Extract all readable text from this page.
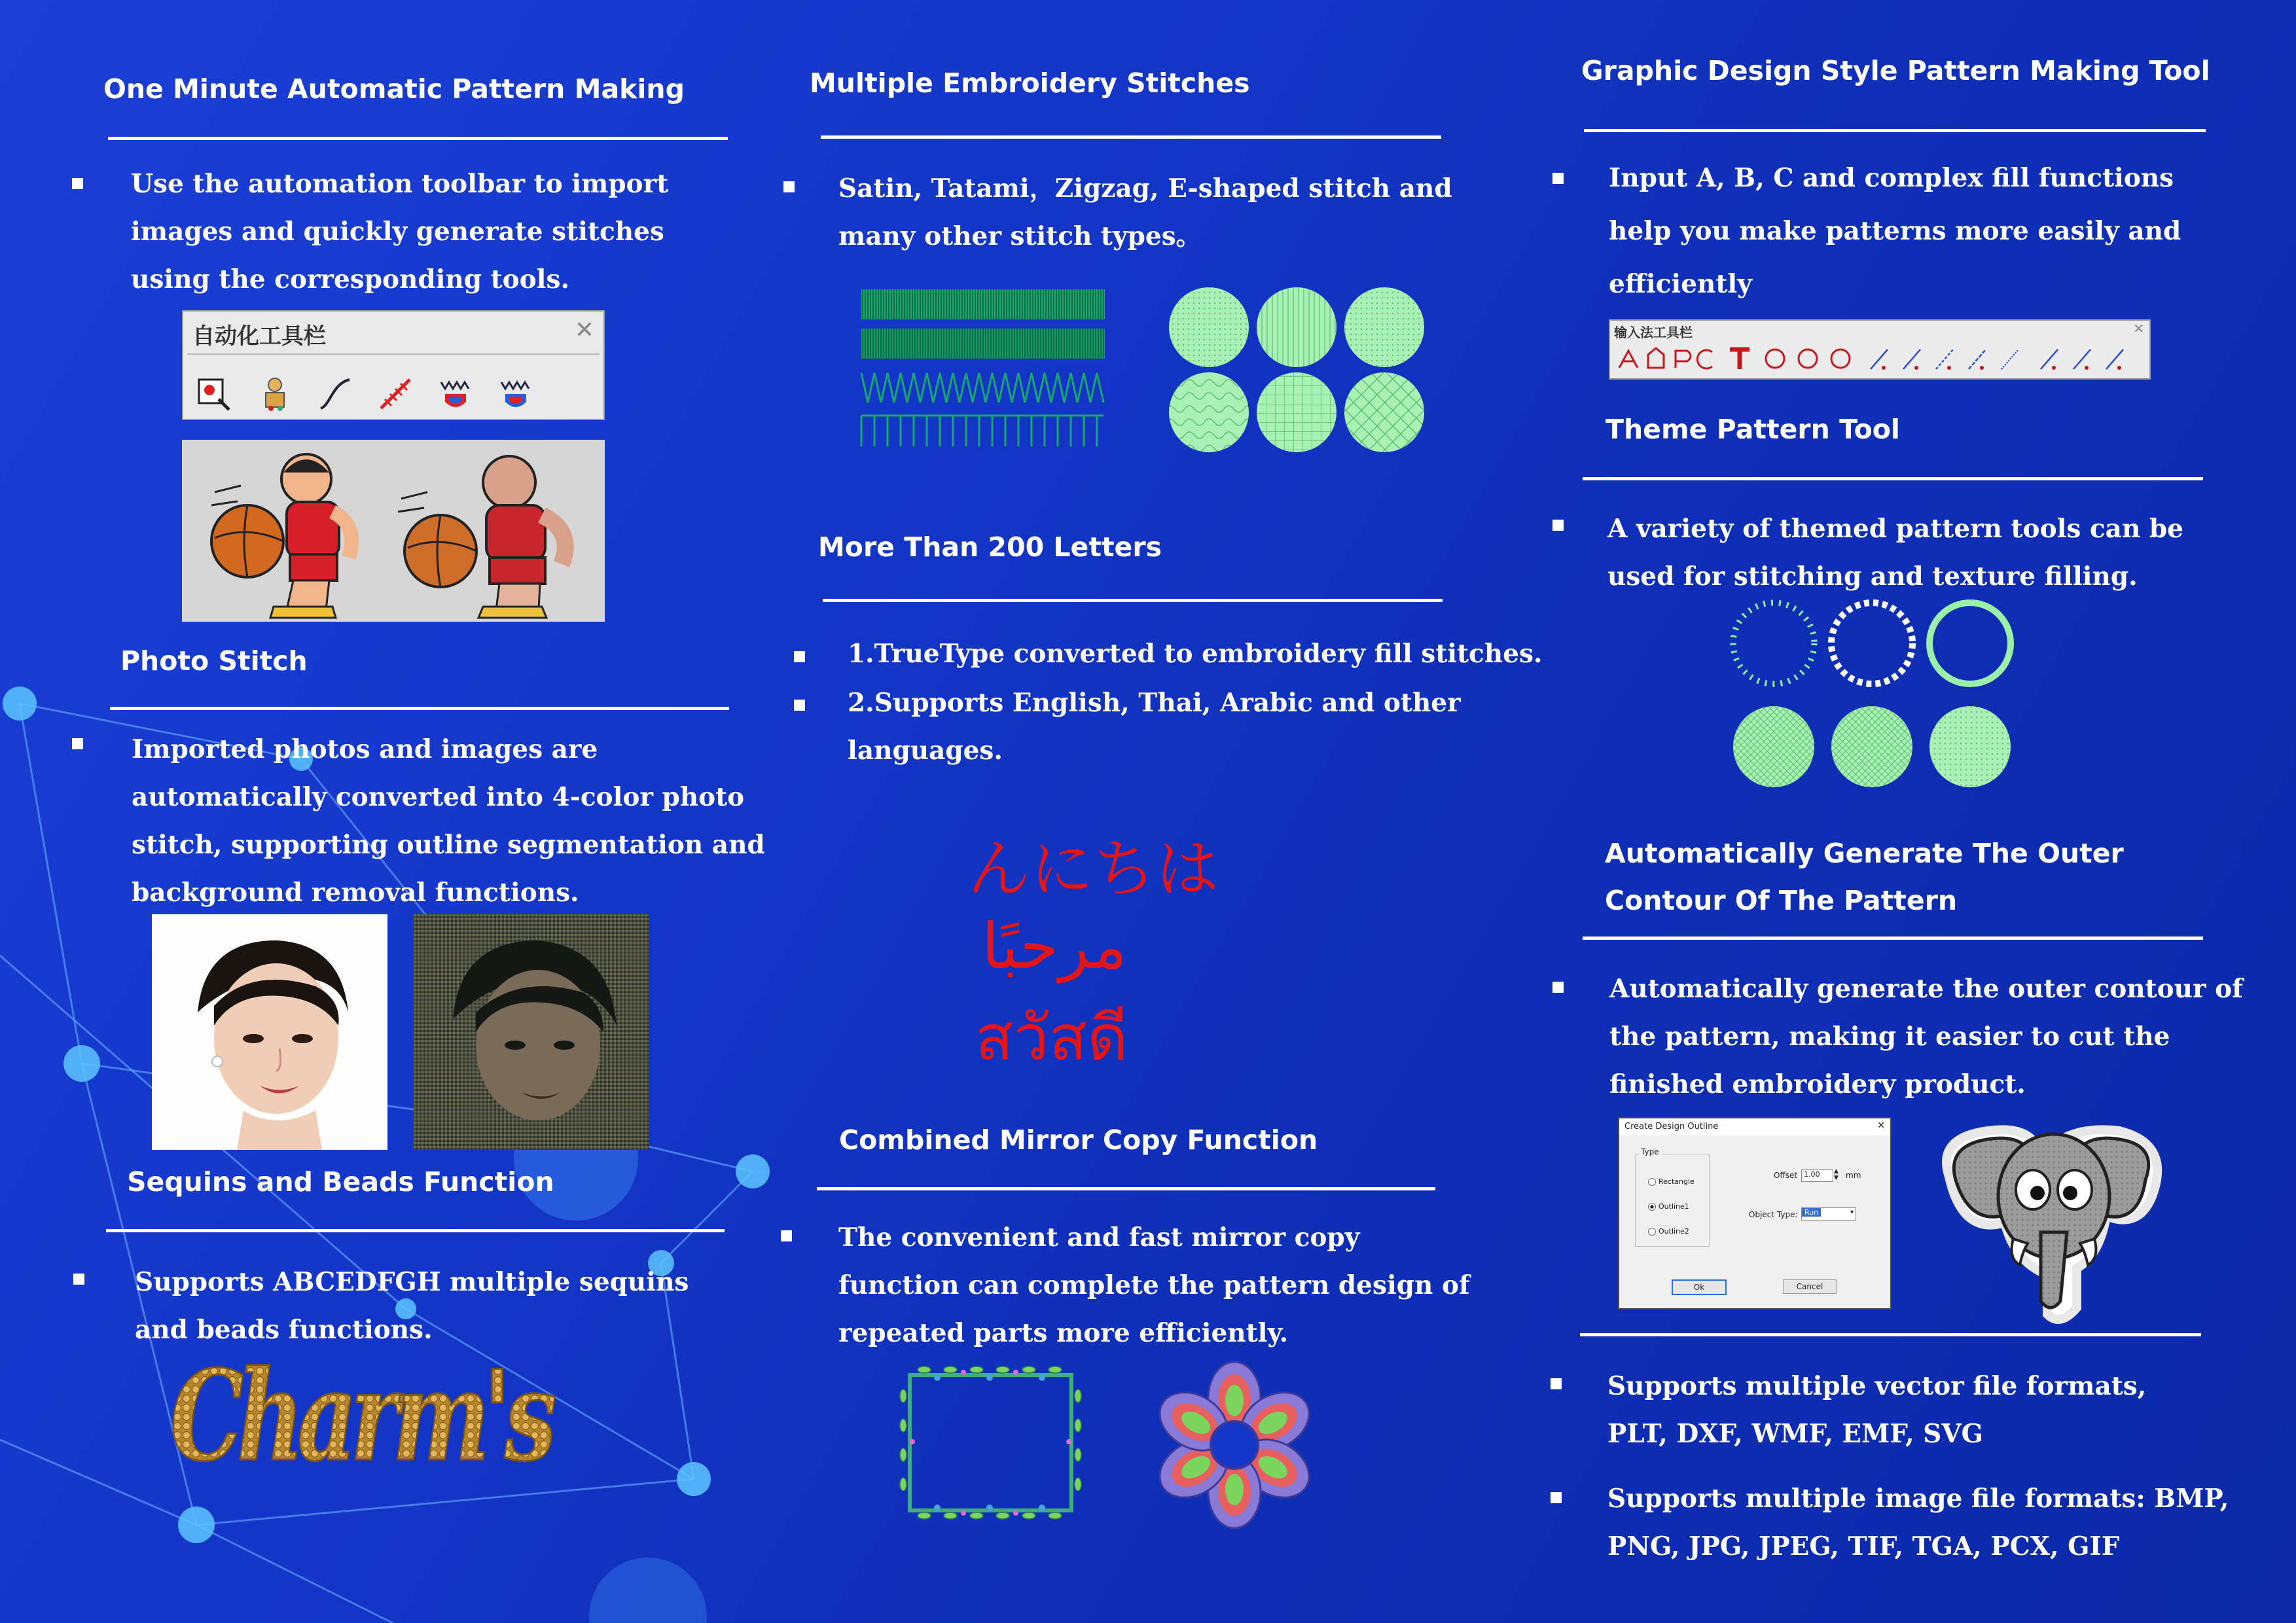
One Minute Automatic Pattern Making
Use the automation toolbar to import images and quickly generate stitches using the corresponding tools.
自动化工具栏	✕
Photo Stitch
Imported photos and images are automatically converted into 4-color photo stitch, supporting outline segmentation and background removal functions.
Sequins and Beads Function
Supports ABCEDFGH multiple sequins and beads functions.
Charm's
Multiple Embroidery Stitches
Satin, Tatami，Zigzag, E-shaped stitch and many other stitch types。
More Than 200 Letters
1.TrueType converted to embroidery fill stitches.
2.Supports English, Thai, Arabic and other languages.
んにちは
مرحبًا
สวัสดี
Combined Mirror Copy Function
The convenient and fast mirror copy function can complete the pattern design of repeated parts more efficiently.
Graphic Design Style Pattern Making Tool
Input A, B, C and complex fill functions help you make patterns more easily and efficiently
输入法工具栏	✕
Theme Pattern Tool
A variety of themed pattern tools can be used for stitching and texture filling.
Automatically Generate The Outer
Contour Of The Pattern
Automatically generate the outer contour of the pattern, making it easier to cut the finished embroidery product.
Create Design Outline	✕
Type
Rectangle
Outline1
Outline2
Offset 1.00	▲
▼ mm
Object Type: Run	▾
Ok	Cancel
Supports multiple vector file formats, PLT, DXF, WMF, EMF, SVG
Supports multiple image file formats: BMP, PNG, JPG, JPEG, TIF, TGA, PCX, GIF
